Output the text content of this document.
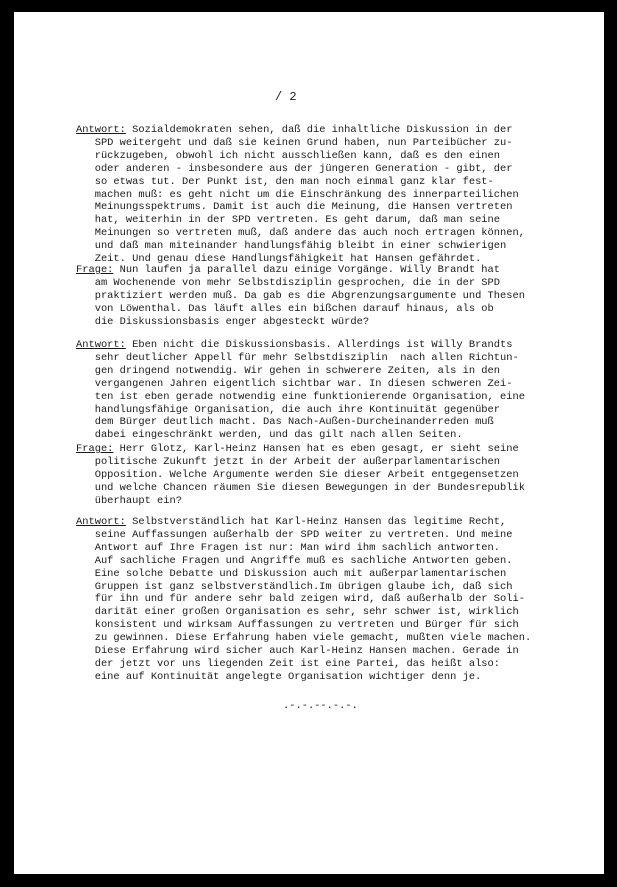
/ 2
Antwort: Sozialdemokraten sehen, daß die inhaltliche Diskussion in der
SPD weitergeht und daß sie keinen Grund haben, nun Parteibücher zu-
rückzugeben, obwohl ich nicht ausschließen kann, daß es den einen
oder anderen - insbesondere aus der jüngeren Generation - gibt, der
so etwas tut. Der Punkt ist, den man noch einmal ganz klar fest-
machen muß: es geht nicht um die Einschränkung des innerparteilichen
Meinungsspektrums. Damit ist auch die Meinung, die Hansen vertreten
hat, weiterhin in der SPD vertreten. Es geht darum, daß man seine
Meinungen so vertreten muß, daß andere das auch noch ertragen können,
und daß man miteinander handlungsfähig bleibt in einer schwierigen
Zeit. Und genau diese Handlungsfähigkeit hat Hansen gefährdet.
Frage: Nun laufen ja parallel dazu einige Vorgänge. Willy Brandt hat
am Wochenende von mehr Selbstdisziplin gesprochen, die in der SPD
praktiziert werden muß. Da gab es die Abgrenzungsargumente und Thesen
von Löwenthal. Das läuft alles ein bißchen darauf hinaus, als ob
die Diskussionsbasis enger abgesteckt würde?
Antwort: Eben nicht die Diskussionsbasis. Allerdings ist Willy Brandts
sehr deutlicher Appell für mehr Selbstdisziplin  nach allen Richtun-
gen dringend notwendig. Wir gehen in schwerere Zeiten, als in den
vergangenen Jahren eigentlich sichtbar war. In diesen schweren Zei-
ten ist eben gerade notwendig eine funktionierende Organisation, eine
handlungsfähige Organisation, die auch ihre Kontinuität gegenüber
dem Bürger deutlich macht. Das Nach-Außen-Durcheinanderreden muß
dabei eingeschränkt werden, und das gilt nach allen Seiten.
Frage: Herr Glotz, Karl-Heinz Hansen hat es eben gesagt, er sieht seine
politische Zukunft jetzt in der Arbeit der außerparlamentarischen
Opposition. Welche Argumente werden Sie dieser Arbeit entgegensetzen
und welche Chancen räumen Sie diesen Bewegungen in der Bundesrepublik
überhaupt ein?
Antwort: Selbstverständlich hat Karl-Heinz Hansen das legitime Recht,
seine Auffassungen außerhalb der SPD weiter zu vertreten. Und meine
Antwort auf Ihre Fragen ist nur: Man wird ihm sachlich antworten.
Auf sachliche Fragen und Angriffe muß es sachliche Antworten geben.
Eine solche Debatte und Diskussion auch mit außerparlamentarischen
Gruppen ist ganz selbstverständlich.Im übrigen glaube ich, daß sich
für ihn und für andere sehr bald zeigen wird, daß außerhalb der Soli-
darität einer großen Organisation es sehr, sehr schwer ist, wirklich
konsistent und wirksam Auffassungen zu vertreten und Bürger für sich
zu gewinnen. Diese Erfahrung haben viele gemacht, mußten viele machen.
Diese Erfahrung wird sicher auch Karl-Heinz Hansen machen. Gerade in
der jetzt vor uns liegenden Zeit ist eine Partei, das heißt also:
eine auf Kontinuität angelegte Organisation wichtiger denn je.
.-.-.--.-.-.
